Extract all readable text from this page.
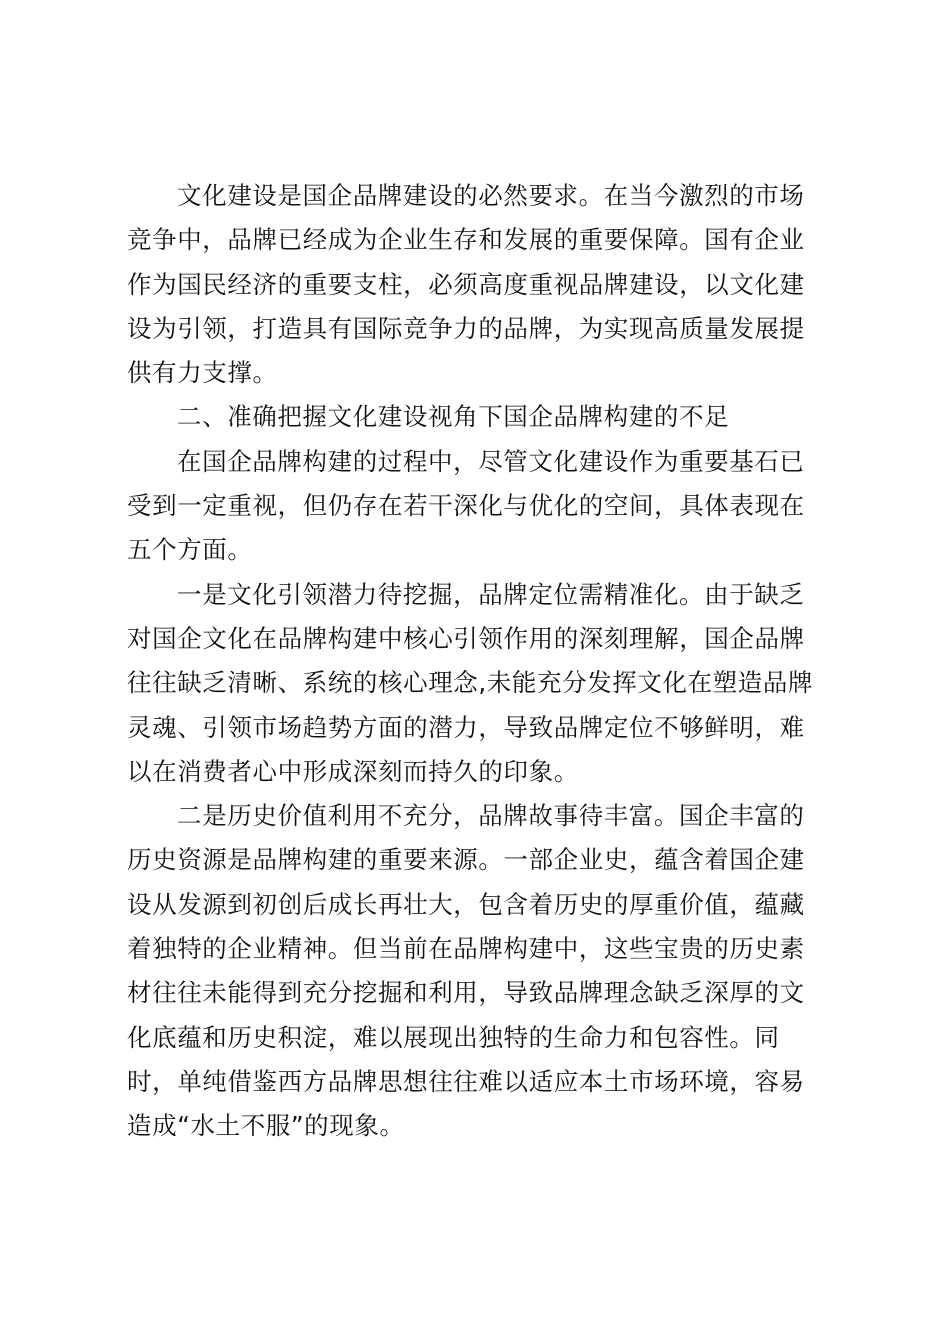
文化建设是国企品牌建设的必然要求。在当今激烈的市场
竞争中，品牌已经成为企业生存和发展的重要保障。国有企业
作为国民经济的重要支柱，必须高度重视品牌建设，以文化建
设为引领，打造具有国际竞争力的品牌，为实现高质量发展提
供有力支撑。
二、准确把握文化建设视角下国企品牌构建的不足
在国企品牌构建的过程中，尽管文化建设作为重要基石已
受到一定重视，但仍存在若干深化与优化的空间，具体表现在
五个方面。
一是文化引领潜力待挖掘，品牌定位需精准化。由于缺乏
对国企文化在品牌构建中核心引领作用的深刻理解，国企品牌
往往缺乏清晰、系统的核心理念,未能充分发挥文化在塑造品牌
灵魂、引领市场趋势方面的潜力，导致品牌定位不够鲜明，难
以在消费者心中形成深刻而持久的印象。
二是历史价值利用不充分，品牌故事待丰富。国企丰富的
历史资源是品牌构建的重要来源。一部企业史，蕴含着国企建
设从发源到初创后成长再壮大，包含着历史的厚重价值，蕴藏
着独特的企业精神。但当前在品牌构建中，这些宝贵的历史素
材往往未能得到充分挖掘和利用，导致品牌理念缺乏深厚的文
化底蕴和历史积淀，难以展现出独特的生命力和包容性。同
时，单纯借鉴西方品牌思想往往难以适应本土市场环境，容易
造成“水土不服”的现象。
